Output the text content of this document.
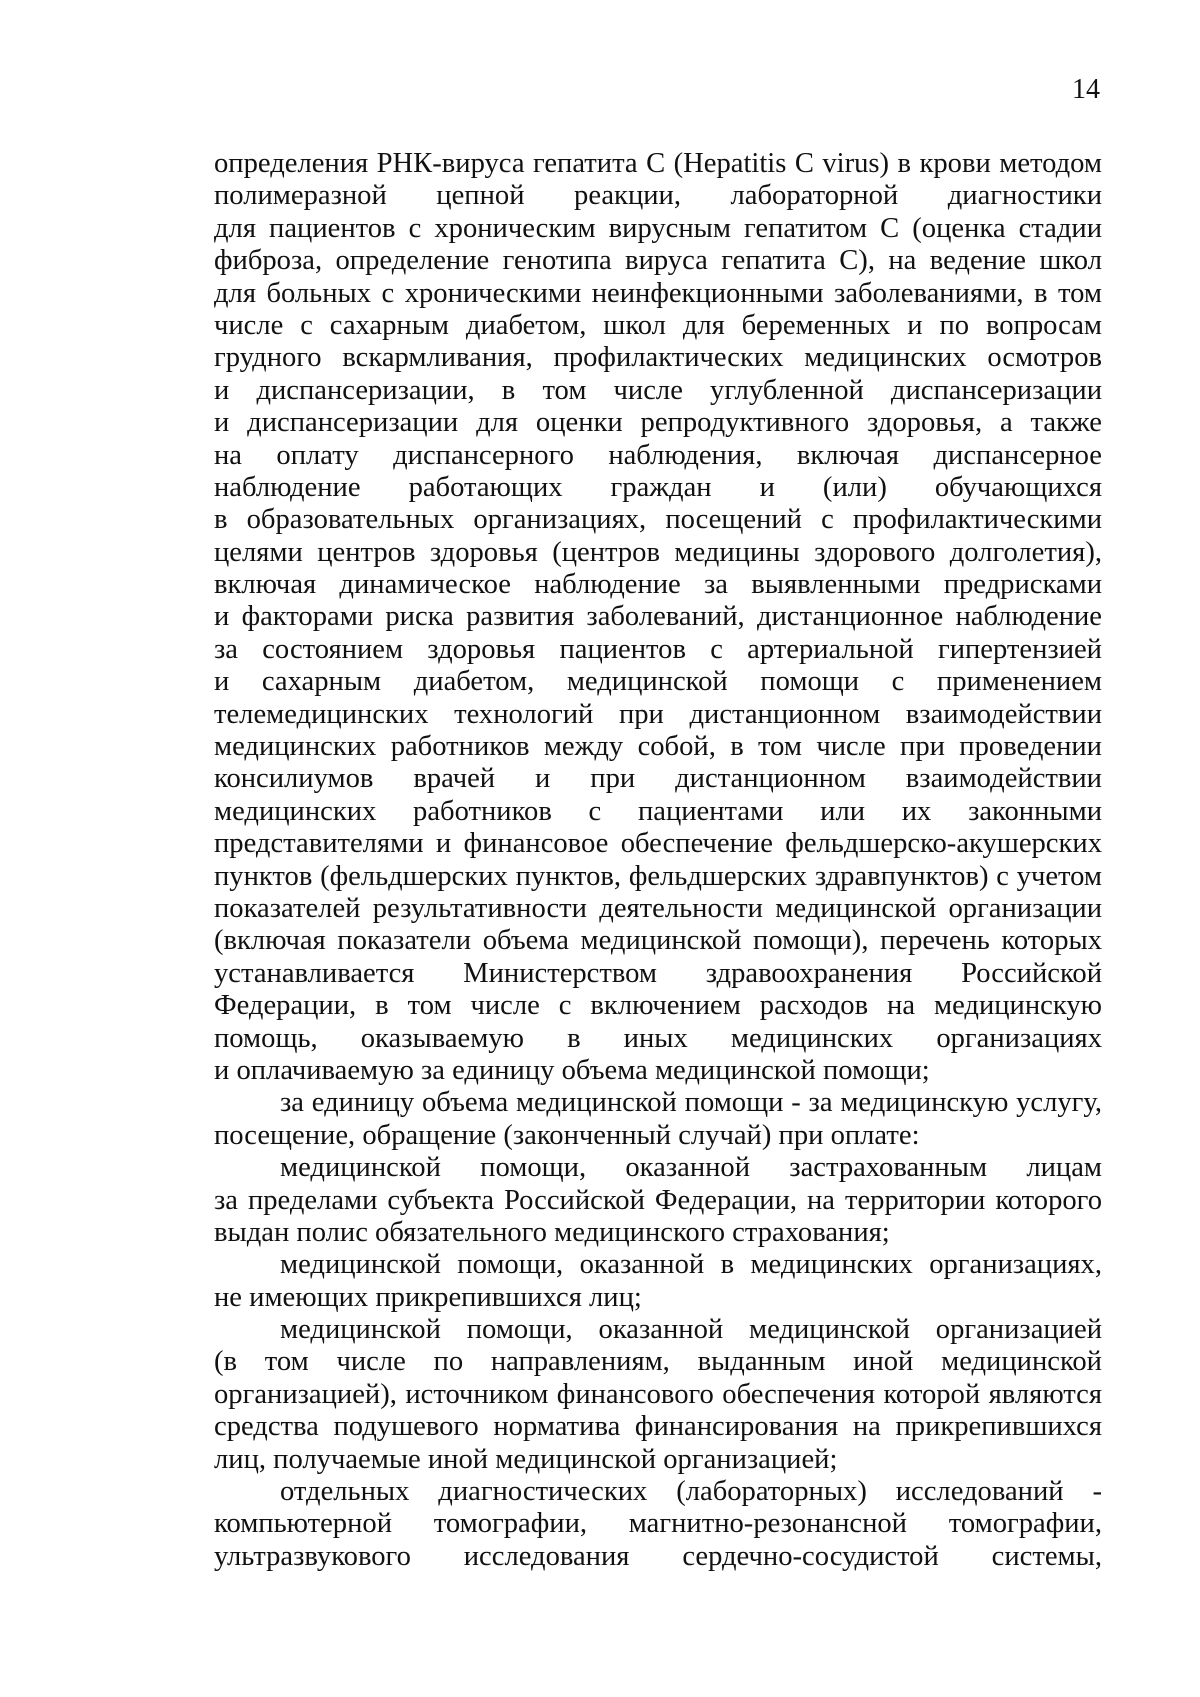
14
определения РНК-вируса гепатита С (Hepatitis C virus) в крови методом
полимеразной цепной реакции, лабораторной диагностики
для пациентов с хроническим вирусным гепатитом С (оценка стадии
фиброза, определение генотипа вируса гепатита С), на ведение школ
для больных с хроническими неинфекционными заболеваниями, в том
числе с сахарным диабетом, школ для беременных и по вопросам
грудного вскармливания, профилактических медицинских осмотров
и диспансеризации, в том числе углубленной диспансеризации
и диспансеризации для оценки репродуктивного здоровья, а также
на оплату диспансерного наблюдения, включая диспансерное
наблюдение работающих граждан и (или) обучающихся
в образовательных организациях, посещений с профилактическими
целями центров здоровья (центров медицины здорового долголетия),
включая динамическое наблюдение за выявленными предрисками
и факторами риска развития заболеваний, дистанционное наблюдение
за состоянием здоровья пациентов с артериальной гипертензией
и сахарным диабетом, медицинской помощи с применением
телемедицинских технологий при дистанционном взаимодействии
медицинских работников между собой, в том числе при проведении
консилиумов врачей и при дистанционном взаимодействии
медицинских работников с пациентами или их законными
представителями и финансовое обеспечение фельдшерско-акушерских
пунктов (фельдшерских пунктов, фельдшерских здравпунктов) с учетом
показателей результативности деятельности медицинской организации
(включая показатели объема медицинской помощи), перечень которых
устанавливается Министерством здравоохранения Российской
Федерации, в том числе с включением расходов на медицинскую
помощь, оказываемую в иных медицинских организациях
и оплачиваемую за единицу объема медицинской помощи;
за единицу объема медицинской помощи - за медицинскую услугу,
посещение, обращение (законченный случай) при оплате:
медицинской помощи, оказанной застрахованным лицам
за пределами субъекта Российской Федерации, на территории которого
выдан полис обязательного медицинского страхования;
медицинской помощи, оказанной в медицинских организациях,
не имеющих прикрепившихся лиц;
медицинской помощи, оказанной медицинской организацией
(в том числе по направлениям, выданным иной медицинской
организацией), источником финансового обеспечения которой являются
средства подушевого норматива финансирования на прикрепившихся
лиц, получаемые иной медицинской организацией;
отдельных диагностических (лабораторных) исследований -
компьютерной томографии, магнитно-резонансной томографии,
ультразвукового исследования сердечно-сосудистой системы,
